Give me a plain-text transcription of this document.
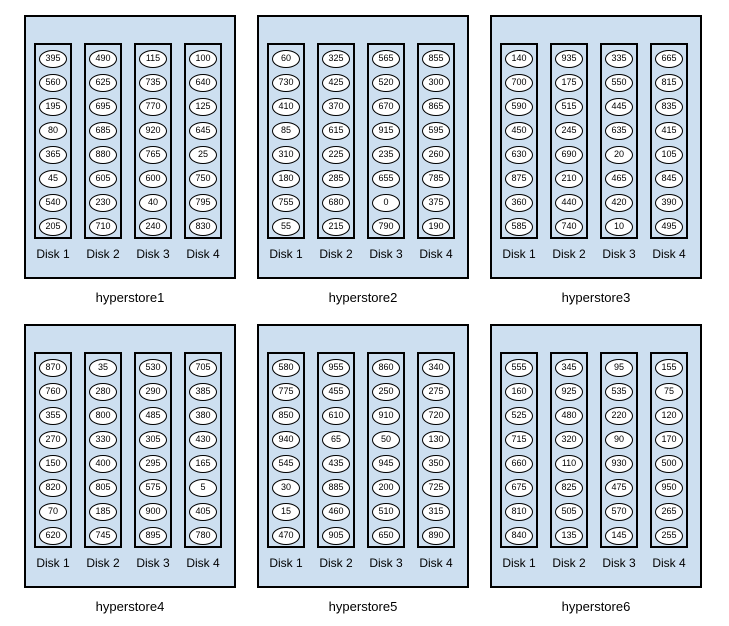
395
560
195
80
365
45
540
205
Disk 1
490
625
695
685
880
605
230
710
Disk 2
115
735
770
920
765
600
40
240
Disk 3
100
640
125
645
25
750
795
830
Disk 4
hyperstore1
60
730
410
85
310
180
755
55
Disk 1
325
425
370
615
225
285
680
215
Disk 2
565
520
670
915
235
655
0
790
Disk 3
855
300
865
595
260
785
375
190
Disk 4
hyperstore2
140
700
590
450
630
875
360
585
Disk 1
935
175
515
245
690
210
440
740
Disk 2
335
550
445
635
20
465
420
10
Disk 3
665
815
835
415
105
845
390
495
Disk 4
hyperstore3
870
760
355
270
150
820
70
620
Disk 1
35
280
800
330
400
805
185
745
Disk 2
530
290
485
305
295
575
900
895
Disk 3
705
385
380
430
165
5
405
780
Disk 4
hyperstore4
580
775
850
940
545
30
15
470
Disk 1
955
455
610
65
435
885
460
905
Disk 2
860
250
910
50
945
200
510
650
Disk 3
340
275
720
130
350
725
315
890
Disk 4
hyperstore5
555
160
525
715
660
675
810
840
Disk 1
345
925
480
320
110
825
505
135
Disk 2
95
535
220
90
930
475
570
145
Disk 3
155
75
120
170
500
950
265
255
Disk 4
hyperstore6
